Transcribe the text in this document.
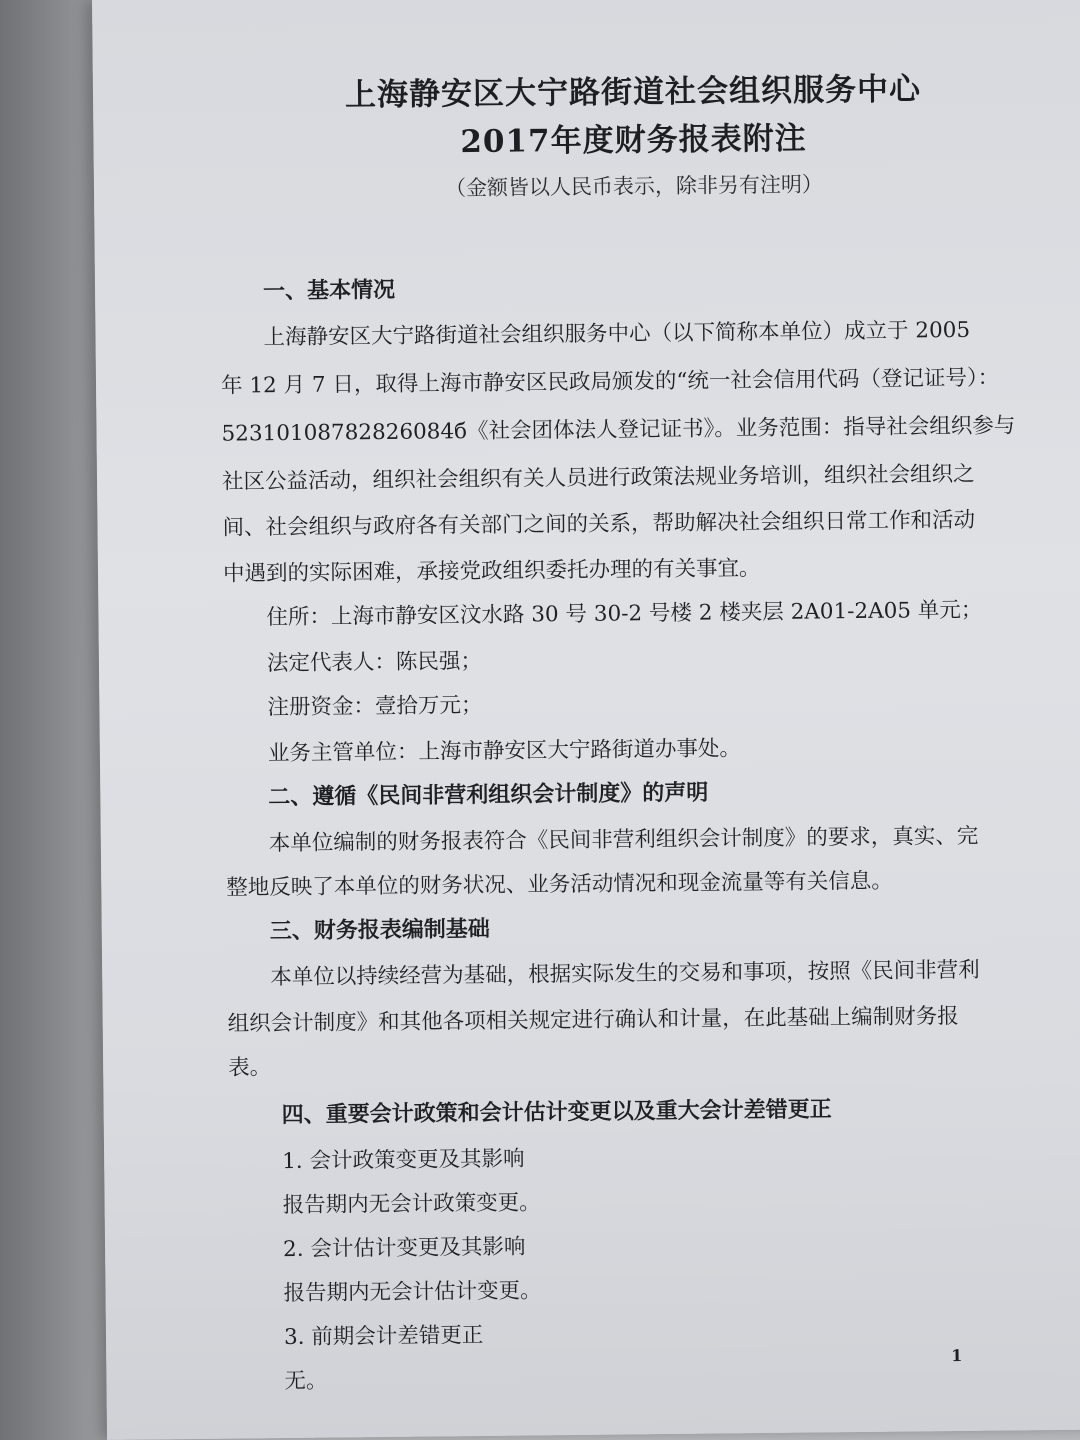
上海静安区大宁路街道社会组织服务中心
2017年度财务报表附注
（金额皆以人民币表示，除非另有注明）
一、基本情况
上海静安区大宁路街道社会组织服务中心（以下简称本单位）成立于 2005
年 12 月 7 日，取得上海市静安区民政局颁发的“统一社会信用代码（登记证号）：
52310108782826084б《社会团体法人登记证书》。业务范围：指导社会组织参与
社区公益活动，组织社会组织有关人员进行政策法规业务培训，组织社会组织之
间、社会组织与政府各有关部门之间的关系，帮助解决社会组织日常工作和活动
中遇到的实际困难，承接党政组织委托办理的有关事宜。
住所：上海市静安区汶水路 30 号 30-2 号楼 2 楼夹层 2A01-2A05 单元；
法定代表人：陈民强；
注册资金：壹拾万元；
业务主管单位：上海市静安区大宁路街道办事处。
二、遵循《民间非营利组织会计制度》的声明
本单位编制的财务报表符合《民间非营利组织会计制度》的要求，真实、完
整地反映了本单位的财务状况、业务活动情况和现金流量等有关信息。
三、财务报表编制基础
本单位以持续经营为基础，根据实际发生的交易和事项，按照《民间非营利
组织会计制度》和其他各项相关规定进行确认和计量，在此基础上编制财务报
表。
四、重要会计政策和会计估计变更以及重大会计差错更正
1. 会计政策变更及其影响
报告期内无会计政策变更。
2. 会计估计变更及其影响
报告期内无会计估计变更。
3. 前期会计差错更正
无。
1
